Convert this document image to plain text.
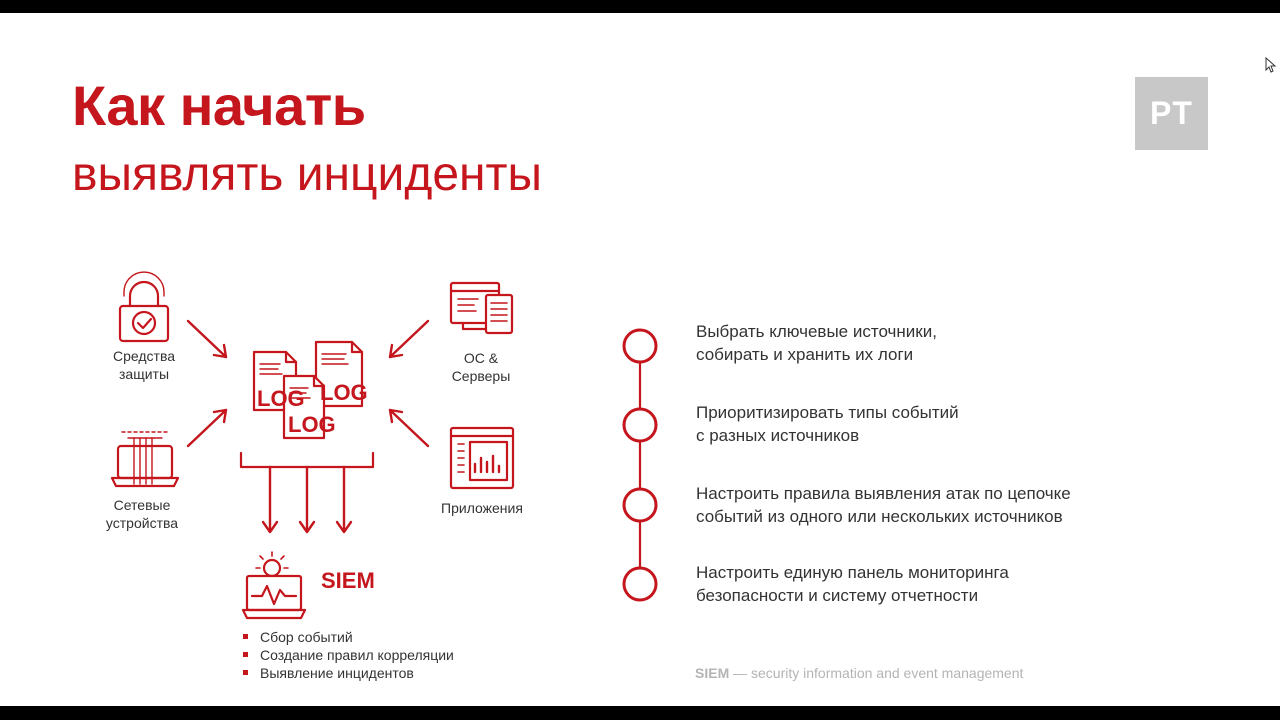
Как начать
выявлять инциденты
PT
LOG LOG
LOG
Средства
защиты
ОС &
Серверы
Сетевые
устройства
Приложения
SIEM
Сбор событий
Создание правил корреляции
Выявление инцидентов
Выбрать ключевые источники,
собирать и хранить их логи
Приоритизировать типы событий
с разных источников
Настроить правила выявления атак по цепочке
событий из одного или нескольких источников
Настроить единую панель мониторинга
безопасности и систему отчетности
SIEM — security information and event management
